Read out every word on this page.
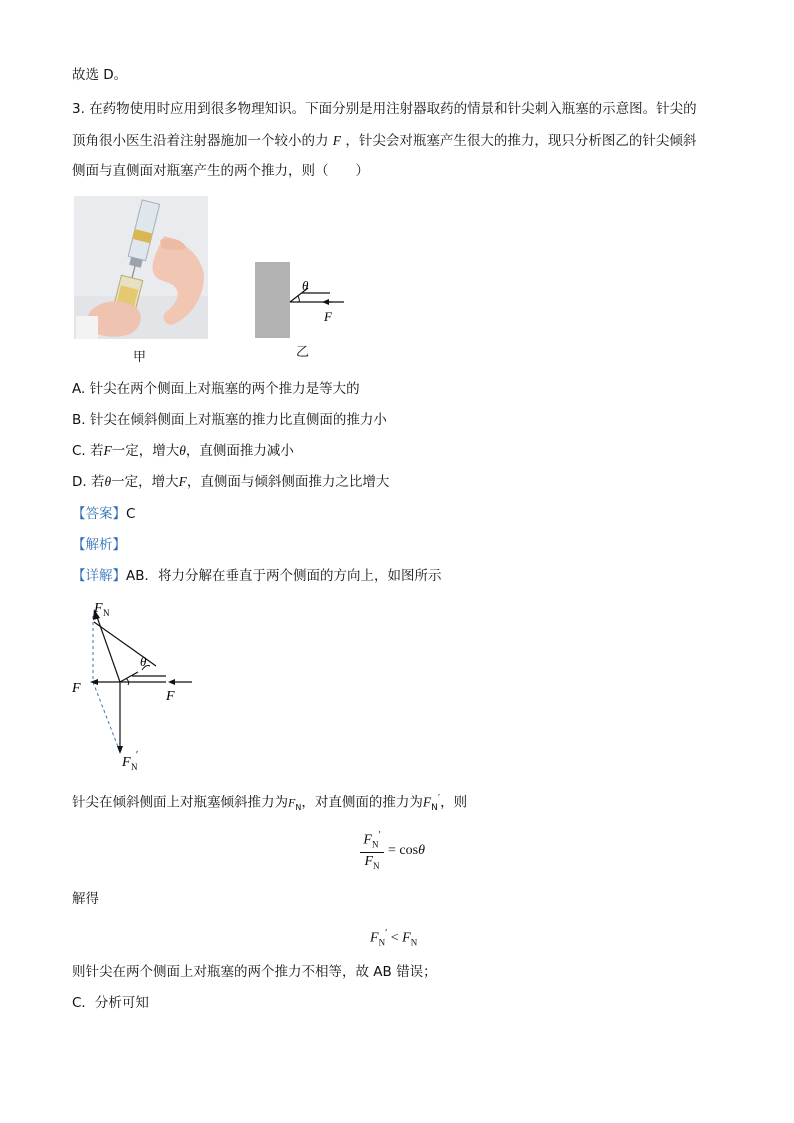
故选 D。
3. 在药物使用时应用到很多物理知识。下面分别是用注射器取药的情景和针尖刺入瓶塞的示意图。针尖的
顶角很小医生沿着注射器施加一个较小的力 F ，针尖会对瓶塞产生很大的推力，现只分析图乙的针尖倾斜
侧面与直侧面对瓶塞产生的两个推力，则（　　）
甲
θ
F
乙
A. 针尖在两个侧面上对瓶塞的两个推力是等大的
B. 针尖在倾斜侧面上对瓶塞的推力比直侧面的推力小
C. 若F一定，增大θ，直侧面推力减小
D. 若θ一定，增大F，直侧面与倾斜侧面推力之比增大
【答案】C
【解析】
【详解】AB．将力分解在垂直于两个侧面的方向上，如图所示
F N
θ
F
F
F N
′
针尖在倾斜侧面上对瓶塞倾斜推力为$F_N$，对直侧面的推力为$F_N'$，则
$F_N'$
$F_N$
= cosθ
解得
$F_N' < F_N$
则针尖在两个侧面上对瓶塞的两个推力不相等，故 AB 错误；
C．分析可知
